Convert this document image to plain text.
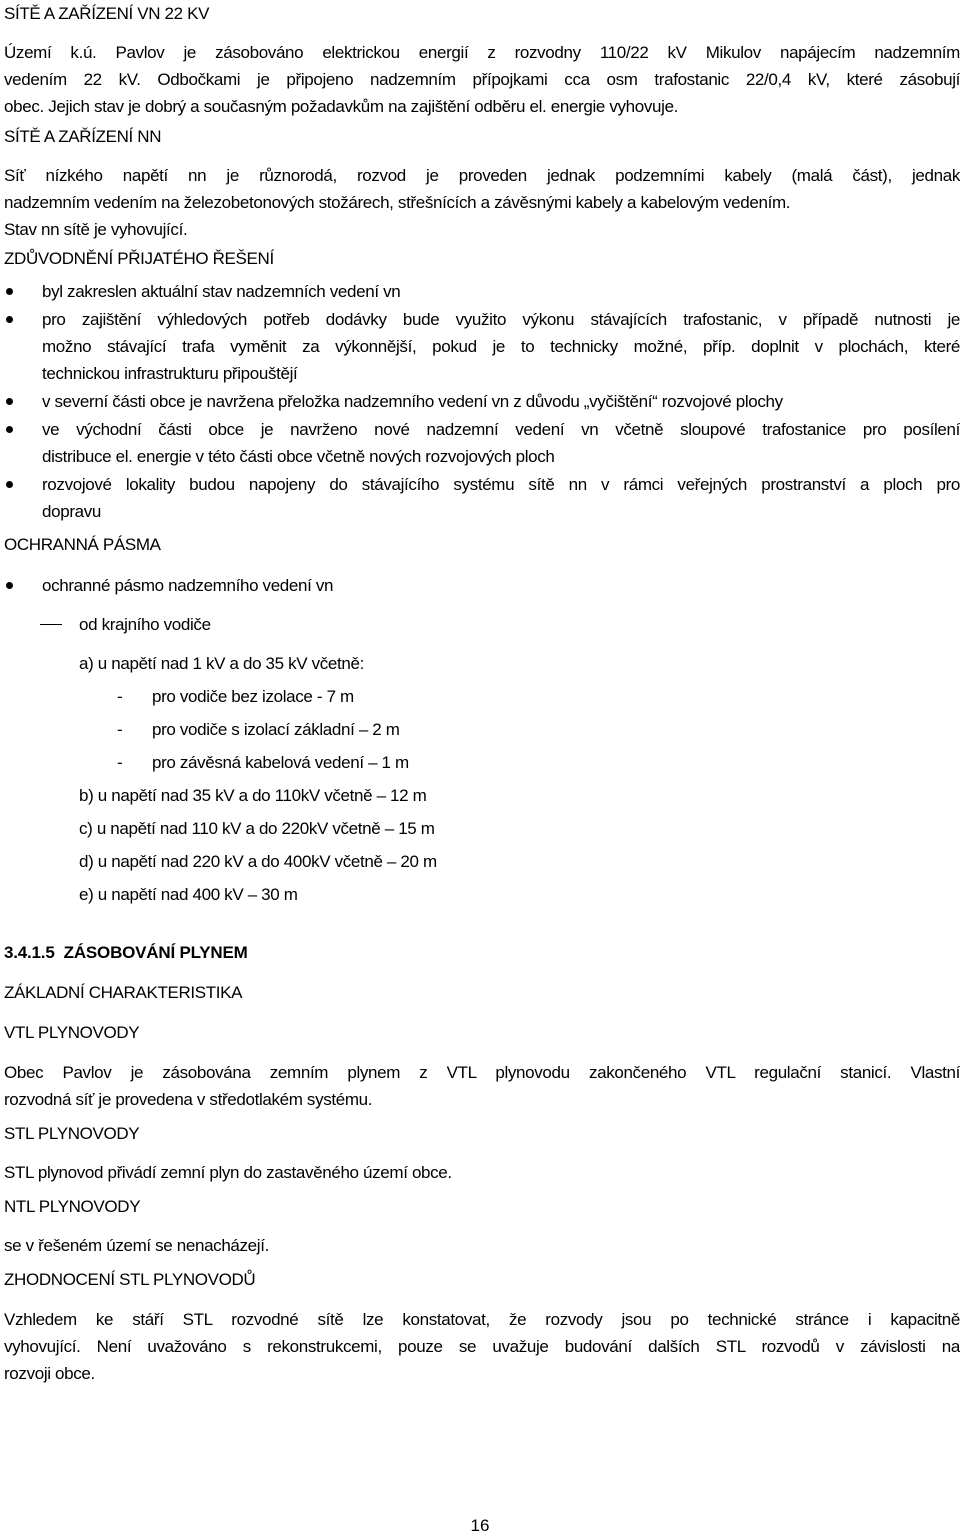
SÍTĚ A ZAŘÍZENÍ VN 22 KV

Území k.ú. Pavlov je zásobováno elektrickou energií z rozvodny 110/22 kV Mikulov napájecím nadzemním

vedením 22 kV. Odbočkami je připojeno nadzemním přípojkami cca osm trafostanic 22/0,4 kV, které zásobují

obec. Jejich stav je dobrý a současným požadavkům na zajištění odběru el. energie vyhovuje.

SÍTĚ A ZAŘÍZENÍ NN

Síť nízkého napětí nn je různorodá, rozvod je proveden jednak podzemními kabely (malá část), jednak

nadzemním vedením na železobetonových stožárech, střešnících a závěsnými kabely a kabelovým vedením.

Stav nn sítě je vyhovující.

ZDŮVODNĚNÍ PŘIJATÉHO ŘEŠENÍ

byl zakreslen aktuální stav nadzemních vedení vn
pro zajištění výhledových potřeb dodávky bude využito výkonu stávajících trafostanic, v případě nutnosti je
možno stávající trafa vyměnit za výkonnější, pokud je to technicky možné, příp. doplnit v plochách, které
technickou infrastrukturu připouštějí
v severní části obce je navržena přeložka nadzemního vedení vn z důvodu „vyčištění“ rozvojové plochy
ve východní části obce je navrženo nové nadzemní vedení vn včetně sloupové trafostanice pro posílení
distribuce el. energie v této části obce včetně nových rozvojových ploch
rozvojové lokality budou napojeny do stávajícího systému sítě nn v rámci veřejných prostranství a ploch pro
dopravu

OCHRANNÁ PÁSMA

ochranné pásmo nadzemního vedení vn
od krajního vodiče
a) u napětí nad 1 kV a do 35 kV včetně:
- pro vodiče bez izolace - 7 m
- pro vodiče s izolací základní – 2 m
- pro závěsná kabelová vedení – 1 m
b) u napětí nad 35 kV a do 110kV včetně – 12 m
c) u napětí nad 110 kV a do 220kV včetně – 15 m
d) u napětí nad 220 kV a do 400kV včetně – 20 m
e) u napětí nad 400 kV – 30 m

3.4.1.5 ZÁSOBOVÁNÍ PLYNEM

ZÁKLADNÍ CHARAKTERISTIKA

VTL PLYNOVODY

Obec Pavlov je zásobována zemním plynem z VTL plynovodu zakončeného VTL regulační stanicí. Vlastní

rozvodná síť je provedena v středotlakém systému.

STL PLYNOVODY

STL plynovod přivádí zemní plyn do zastavěného území obce.

NTL PLYNOVODY

se v řešeném území se nenacházejí.

ZHODNOCENÍ STL PLYNOVODŮ

Vzhledem ke stáří STL rozvodné sítě lze konstatovat, že rozvody jsou po technické stránce i kapacitně

vyhovující. Není uvažováno s rekonstrukcemi, pouze se uvažuje budování dalších STL rozvodů v závislosti na

rozvoji obce.

16
